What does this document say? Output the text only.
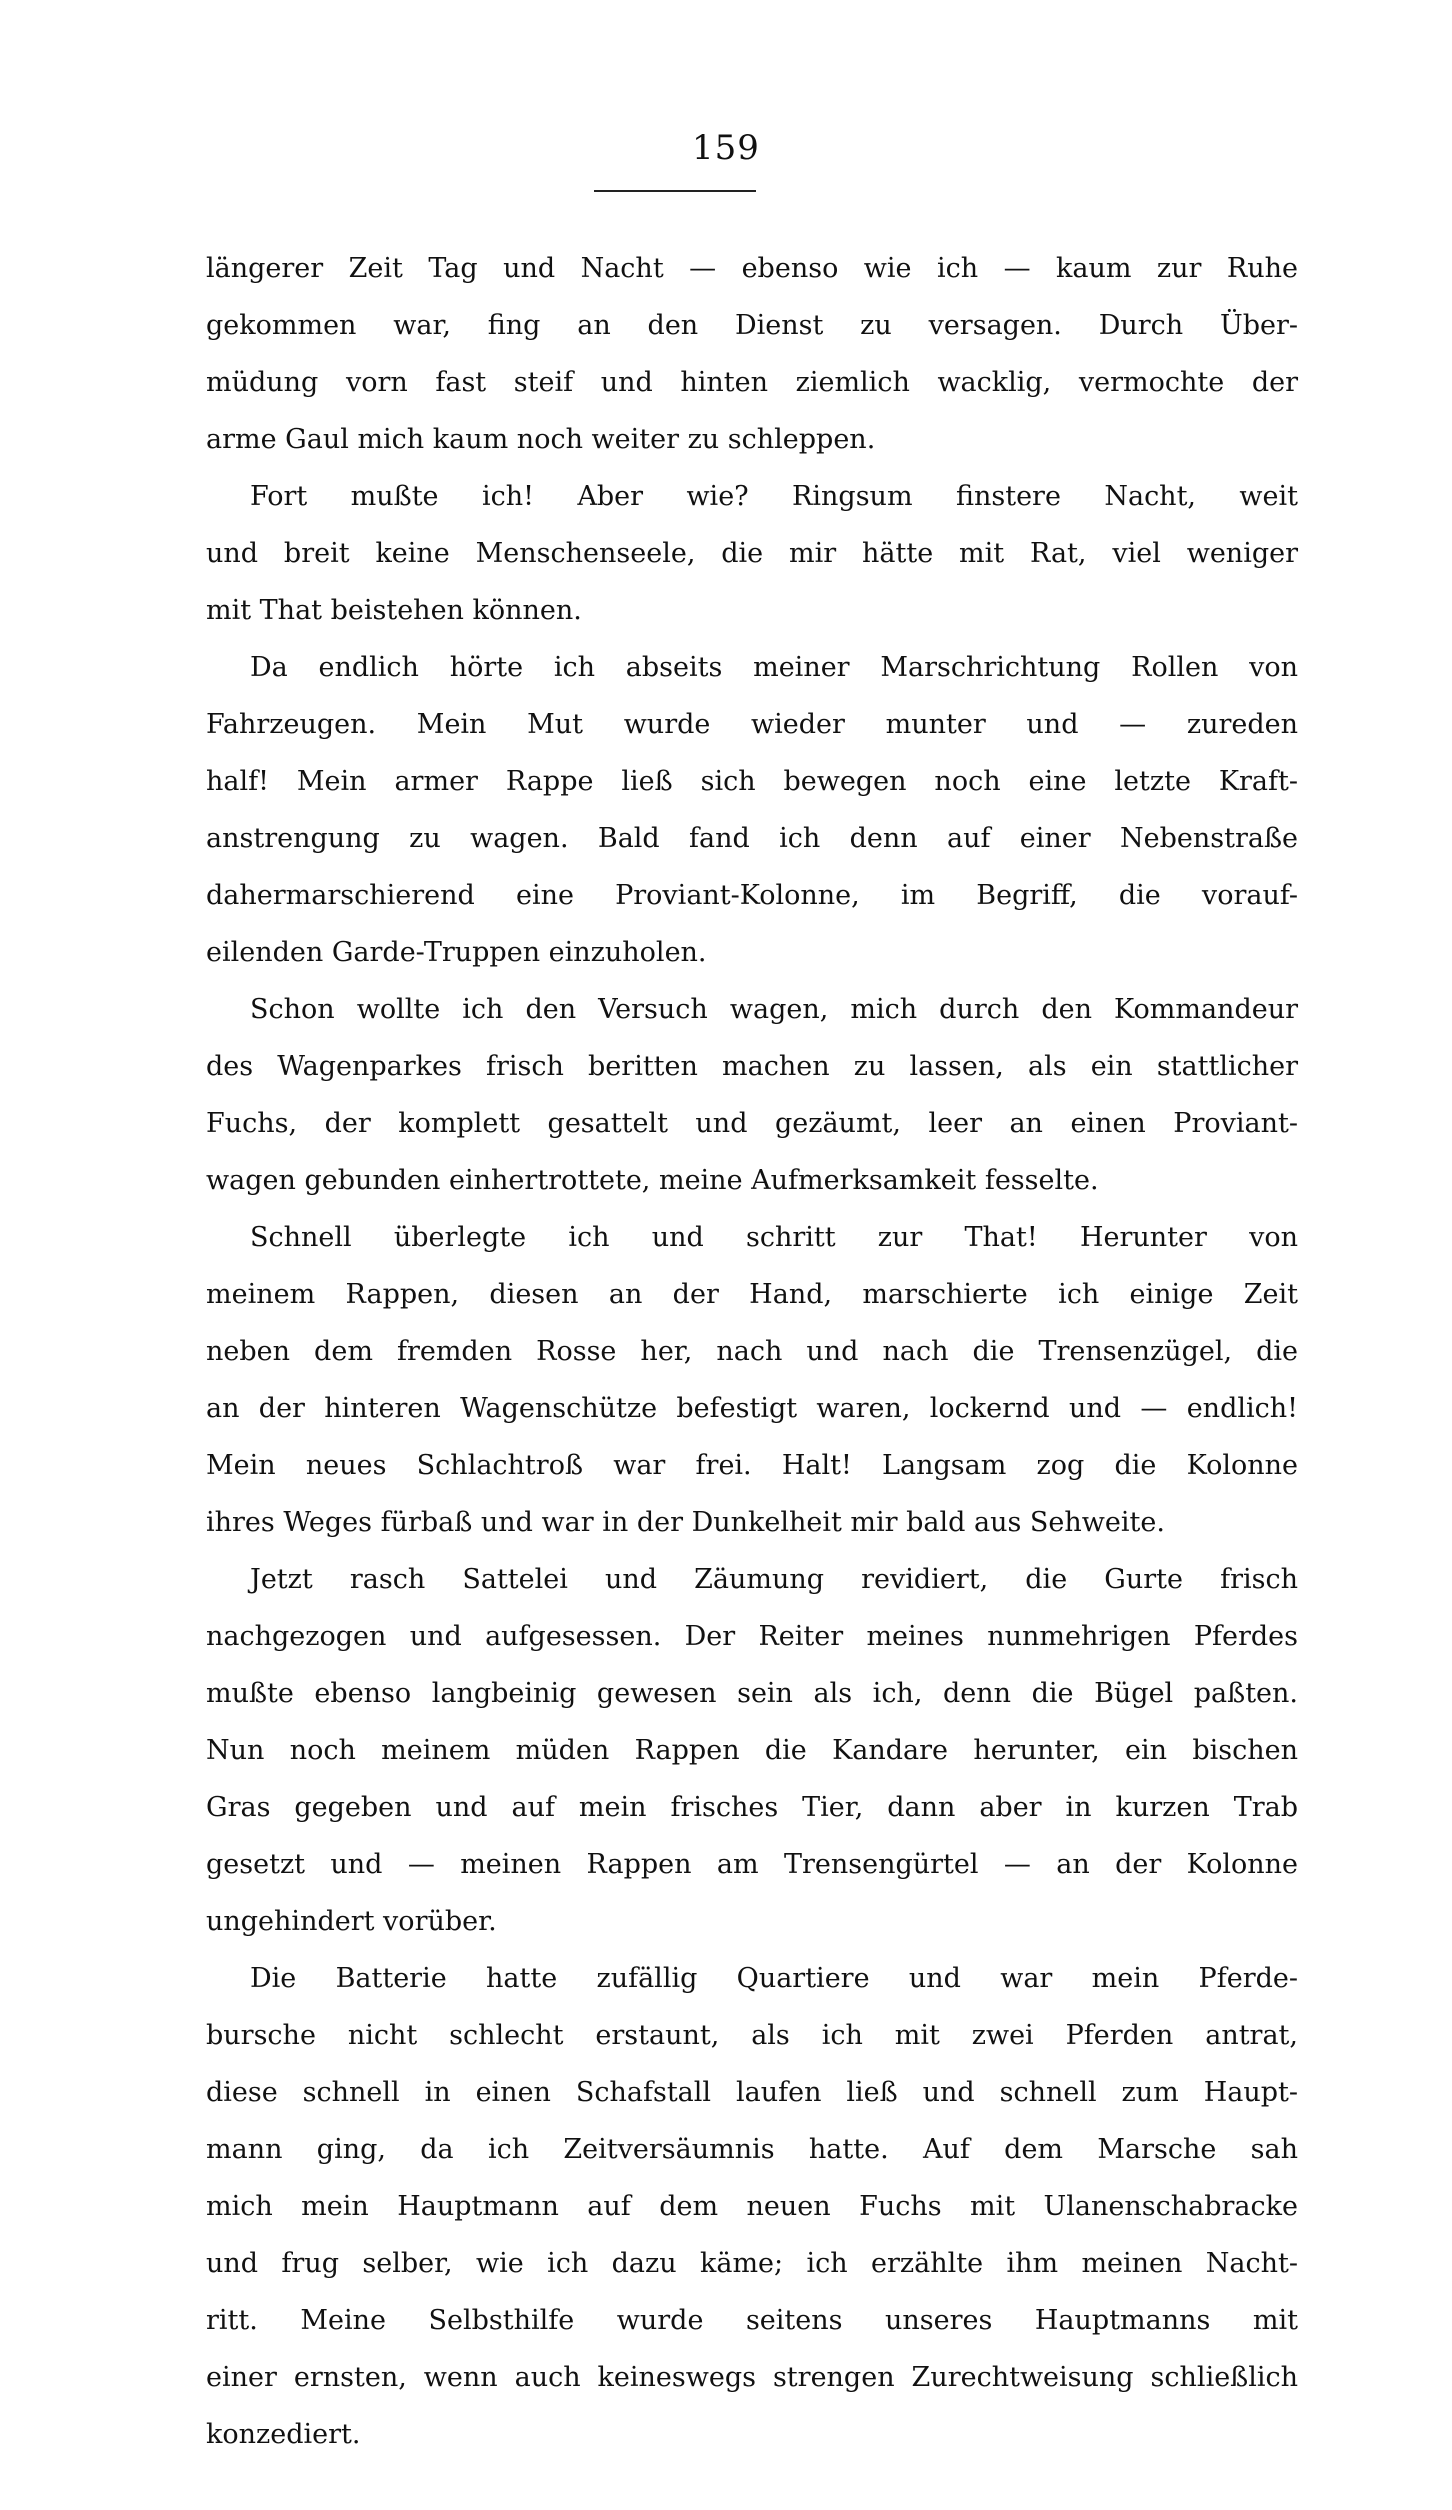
159
längerer Zeit Tag und Nacht — ebenso wie ich — kaum zur Ruhe
gekommen war, fing an den Dienst zu versagen. Durch Über-
müdung vorn fast steif und hinten ziemlich wacklig, vermochte der
arme Gaul mich kaum noch weiter zu schleppen.
Fort mußte ich! Aber wie? Ringsum finstere Nacht, weit
und breit keine Menschenseele, die mir hätte mit Rat, viel weniger
mit That beistehen können.
Da endlich hörte ich abseits meiner Marschrichtung Rollen von
Fahrzeugen. Mein Mut wurde wieder munter und — zureden
half! Mein armer Rappe ließ sich bewegen noch eine letzte Kraft-
anstrengung zu wagen. Bald fand ich denn auf einer Nebenstraße
dahermarschierend eine Proviant-Kolonne, im Begriff, die vorauf-
eilenden Garde-Truppen einzuholen.
Schon wollte ich den Versuch wagen, mich durch den Kommandeur
des Wagenparkes frisch beritten machen zu lassen, als ein stattlicher
Fuchs, der komplett gesattelt und gezäumt, leer an einen Proviant-
wagen gebunden einhertrottete, meine Aufmerksamkeit fesselte.
Schnell überlegte ich und schritt zur That! Herunter von
meinem Rappen, diesen an der Hand, marschierte ich einige Zeit
neben dem fremden Rosse her, nach und nach die Trensenzügel, die
an der hinteren Wagenschütze befestigt waren, lockernd und — endlich!
Mein neues Schlachtroß war frei. Halt! Langsam zog die Kolonne
ihres Weges fürbaß und war in der Dunkelheit mir bald aus Sehweite.
Jetzt rasch Sattelei und Zäumung revidiert, die Gurte frisch
nachgezogen und aufgesessen. Der Reiter meines nunmehrigen Pferdes
mußte ebenso langbeinig gewesen sein als ich, denn die Bügel paßten.
Nun noch meinem müden Rappen die Kandare herunter, ein bischen
Gras gegeben und auf mein frisches Tier, dann aber in kurzen Trab
gesetzt und — meinen Rappen am Trensengürtel — an der Kolonne
ungehindert vorüber.
Die Batterie hatte zufällig Quartiere und war mein Pferde-
bursche nicht schlecht erstaunt, als ich mit zwei Pferden antrat,
diese schnell in einen Schafstall laufen ließ und schnell zum Haupt-
mann ging, da ich Zeitversäumnis hatte. Auf dem Marsche sah
mich mein Hauptmann auf dem neuen Fuchs mit Ulanenschabracke
und frug selber, wie ich dazu käme; ich erzählte ihm meinen Nacht-
ritt. Meine Selbsthilfe wurde seitens unseres Hauptmanns mit
einer ernsten, wenn auch keineswegs strengen Zurechtweisung schließlich
konzediert.
